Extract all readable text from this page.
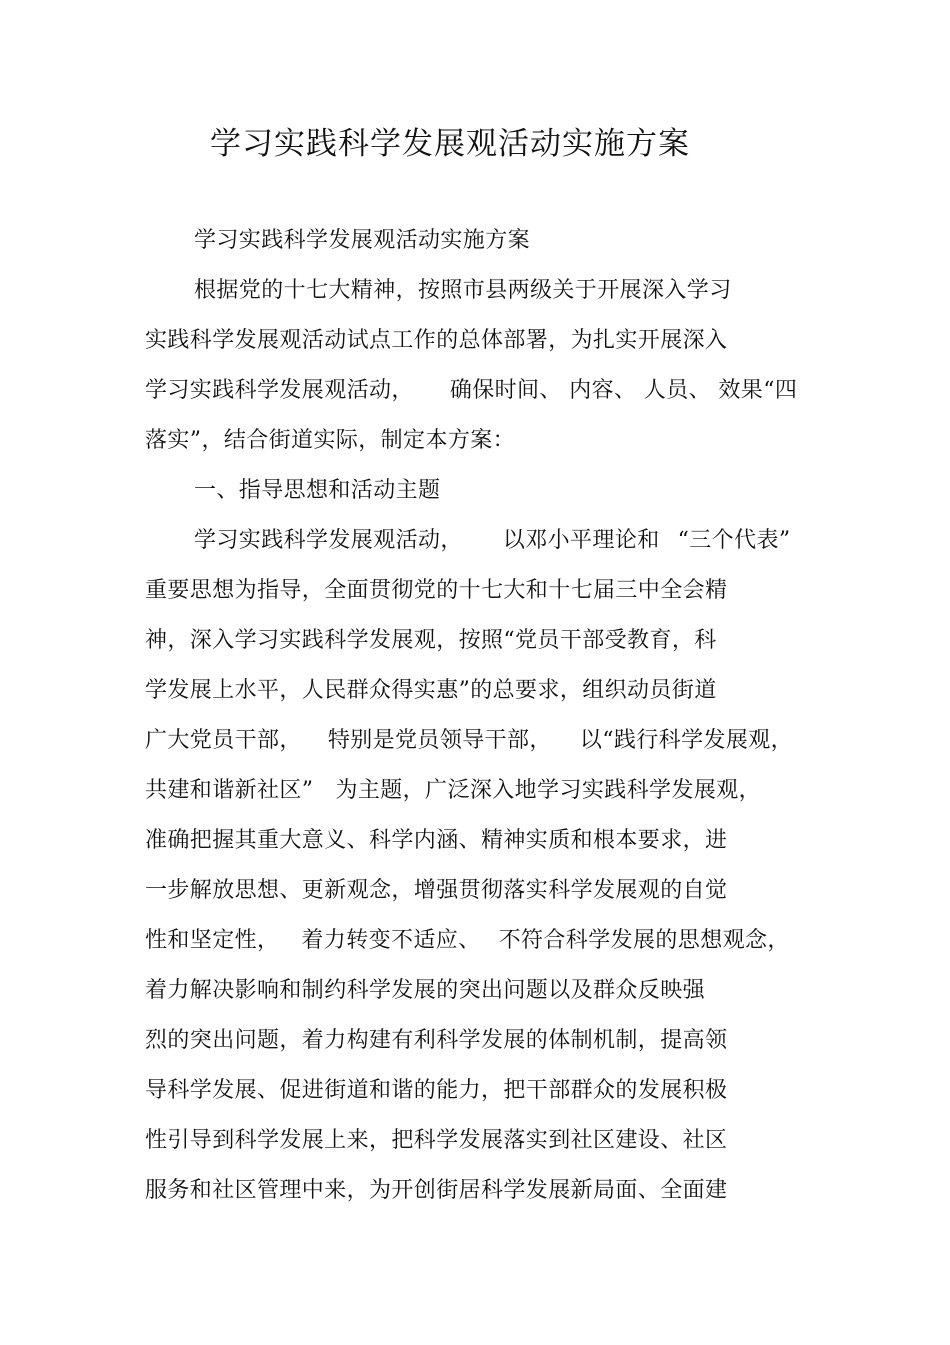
学习实践科学发展观活动实施方案
学习实践科学发展观活动实施方案
根据党的十七大精神，按照市县两级关于开展深入学习
实践科学发展观活动试点工作的总体部署，为扎实开展深入
学习实践科学发展观活动， 确保时间、 内容、 人员、 效果“四
落实”，结合街道实际，制定本方案：
一、指导思想和活动主题
学习实践科学发展观活动， 以邓小平理论和 “三个代表”
重要思想为指导，全面贯彻党的十七大和十七届三中全会精
神，深入学习实践科学发展观，按照“党员干部受教育，科
学发展上水平，人民群众得实惠”的总要求，组织动员街道
广大党员干部， 特别是党员领导干部， 以“践行科学发展观，
共建和谐新社区” 为主题，广泛深入地学习实践科学发展观，
准确把握其重大意义、科学内涵、精神实质和根本要求，进
一步解放思想、更新观念，增强贯彻落实科学发展观的自觉
性和坚定性， 着力转变不适应、 不符合科学发展的思想观念，
着力解决影响和制约科学发展的突出问题以及群众反映强
烈的突出问题，着力构建有利科学发展的体制机制，提高领
导科学发展、促进街道和谐的能力，把干部群众的发展积极
性引导到科学发展上来，把科学发展落实到社区建设、社区
服务和社区管理中来，为开创街居科学发展新局面、全面建
